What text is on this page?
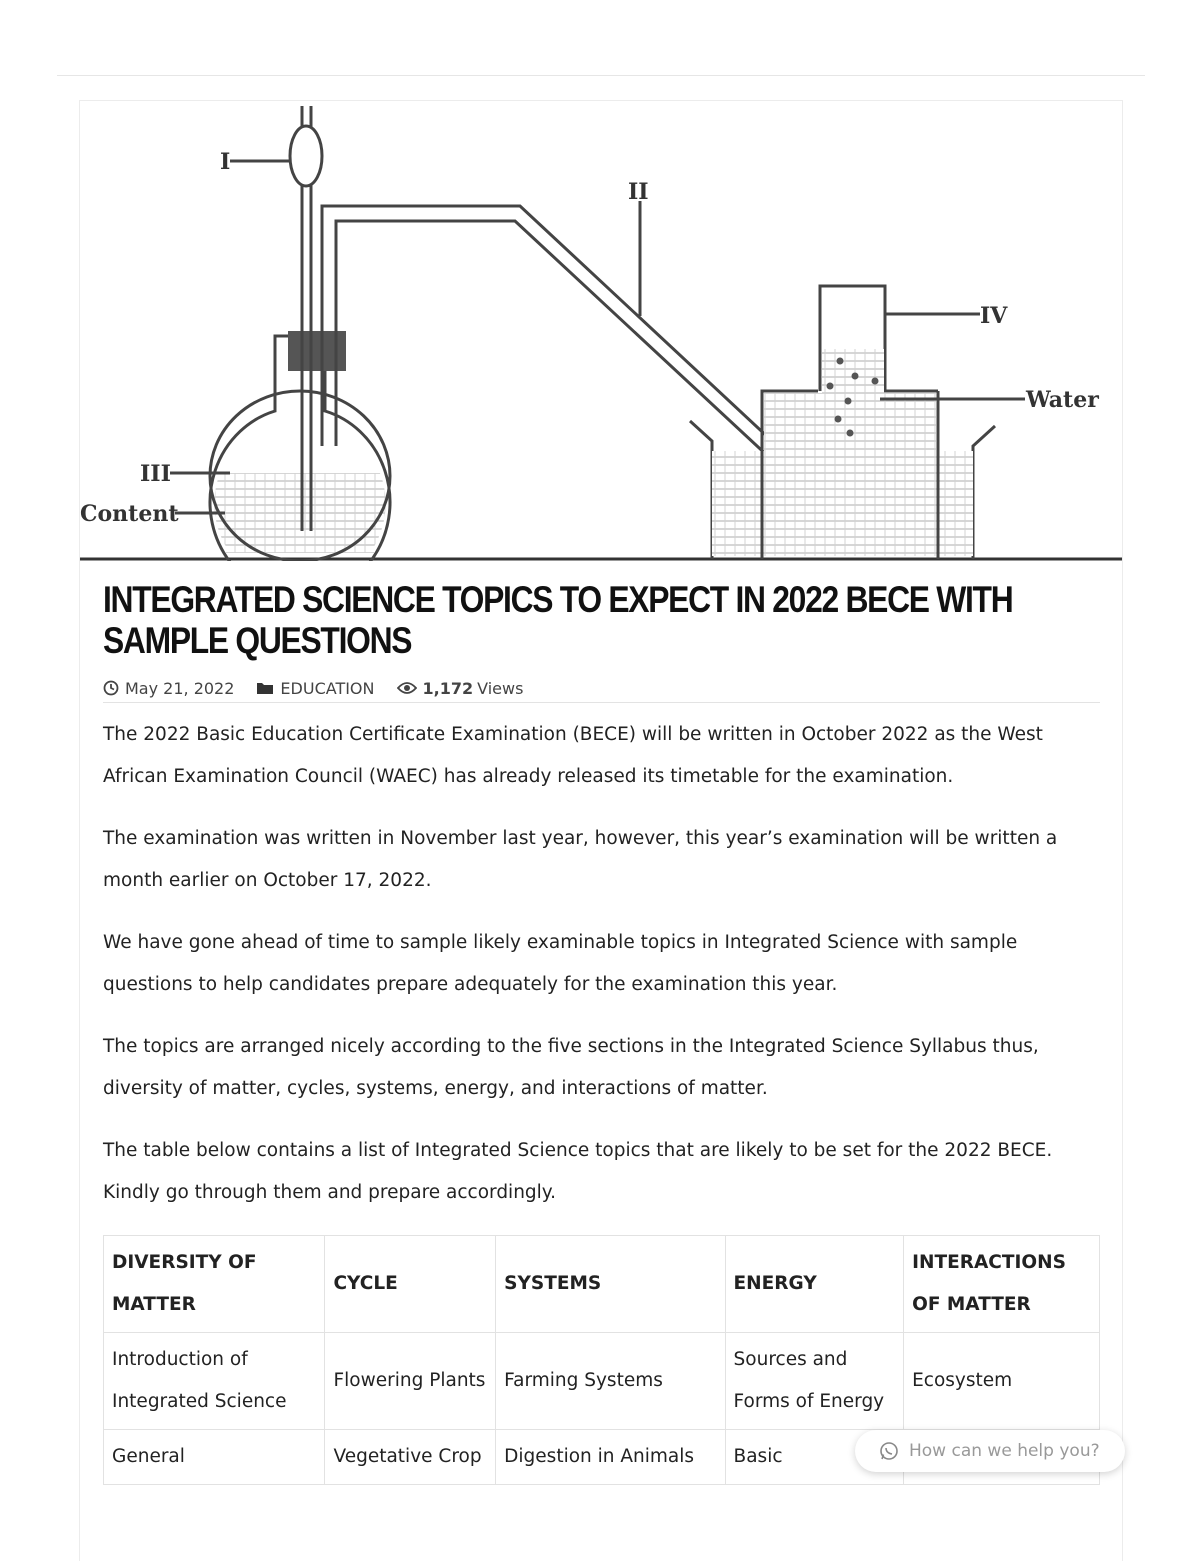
I
II
III
IV
Water
Content
INTEGRATED SCIENCE TOPICS TO EXPECT IN 2022 BECE WITH SAMPLE QUESTIONS
May 21, 2022	EDUCATION	1,172 Views

The 2022 Basic Education Certificate Examination (BECE) will be written in October 2022 as the West African Examination Council (WAEC) has already released its timetable for the examination.

The examination was written in November last year, however, this year’s examination will be written a month earlier on October 17, 2022.

We have gone ahead of time to sample likely examinable topics in Integrated Science with sample questions to help candidates prepare adequately for the examination this year.

The topics are arranged nicely according to the five sections in the Integrated Science Syllabus thus, diversity of matter, cycles, systems, energy, and interactions of matter.

The table below contains a list of Integrated Science topics that are likely to be set for the 2022 BECE. Kindly go through them and prepare accordingly.

DIVERSITY OF MATTER	CYCLE	SYSTEMS	ENERGY	INTERACTIONS OF MATTER
Introduction of Integrated Science	Flowering Plants	Farming Systems	Sources and Forms of Energy	Ecosystem
General	Vegetative Crop	Digestion in Animals	Basic		How can we help you?
